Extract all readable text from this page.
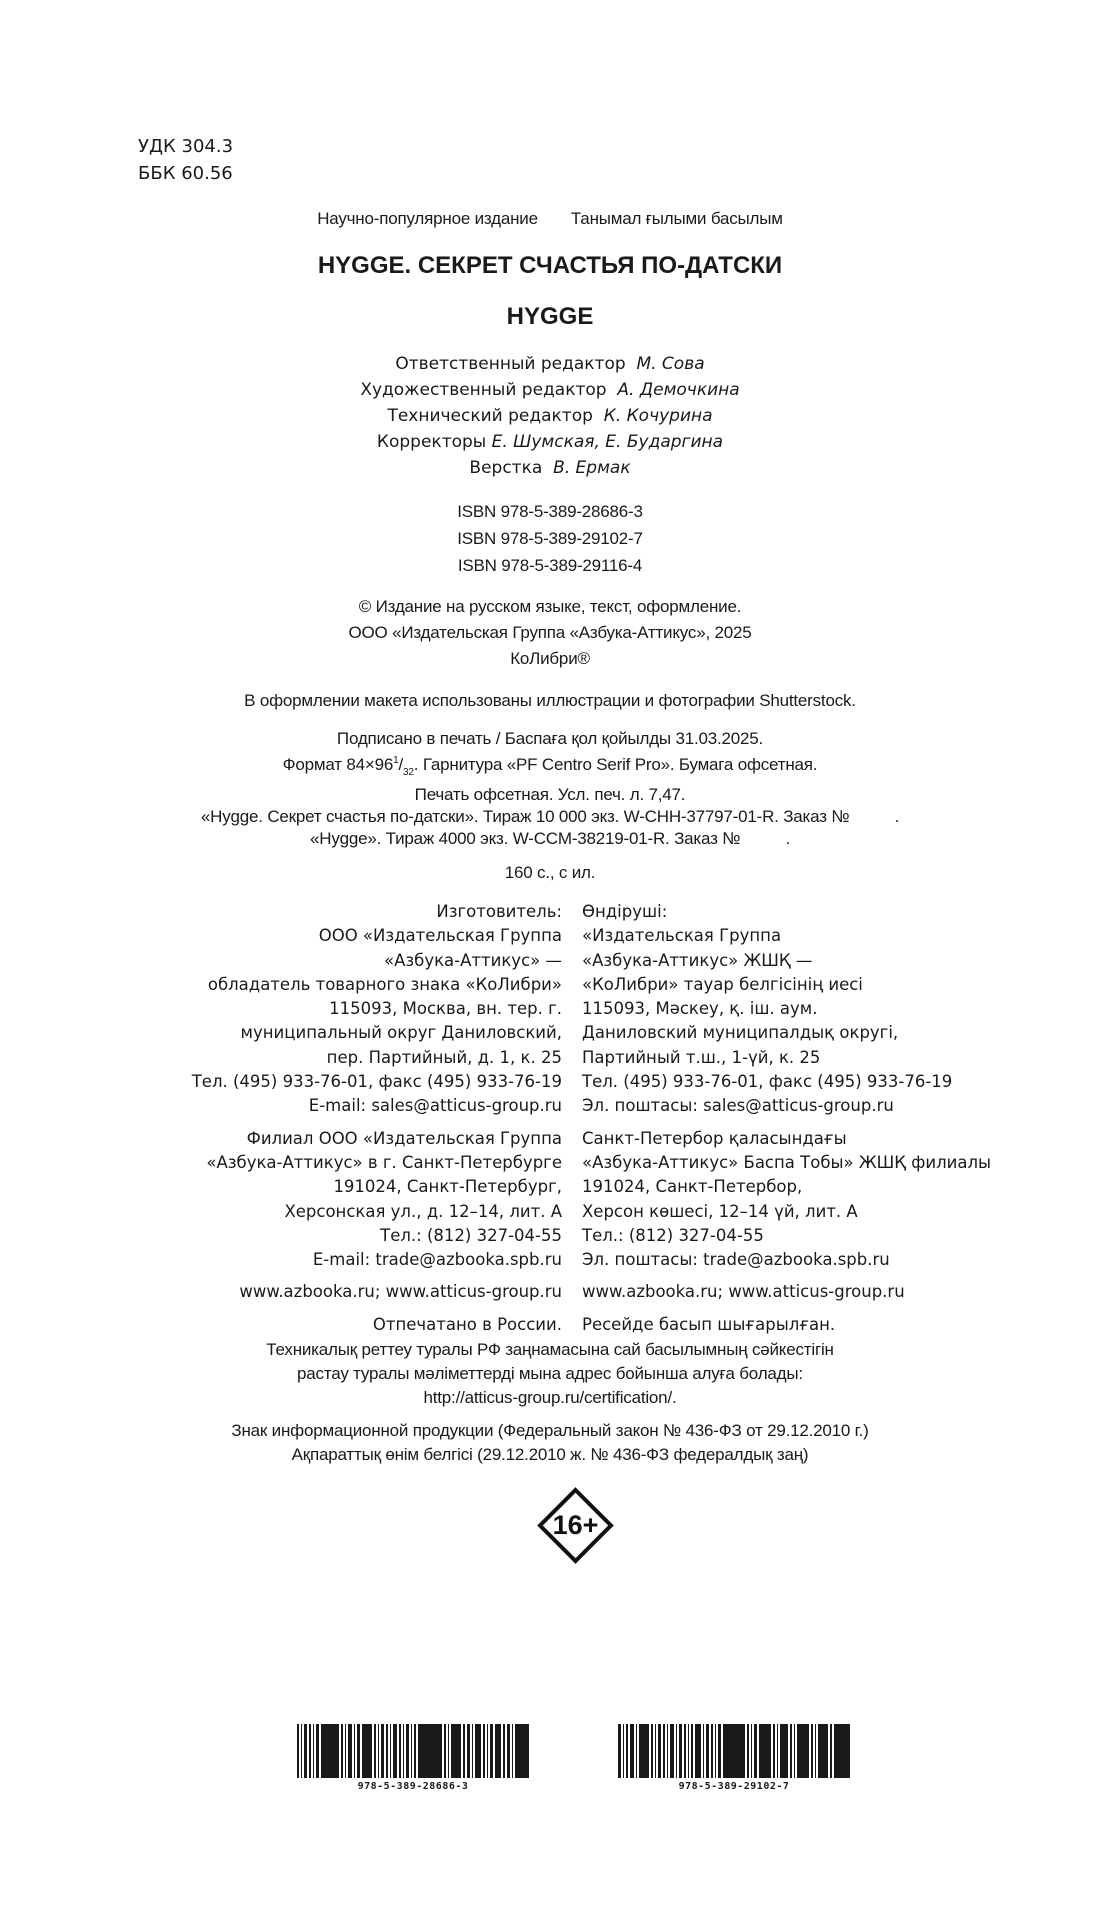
УДК 304.3
ББК 60.56
Научно-популярное издание Танымал ғылыми басылым
HYGGE. СЕКРЕТ СЧАСТЬЯ ПО-ДАТСКИ
HYGGE
Ответственный редактор М. Сова
Художественный редактор А. Демочкина
Технический редактор К. Кочурина
Корректоры Е. Шумская, Е. Бударгина
Верстка В. Ермак
ISBN 978-5-389-28686-3
ISBN 978-5-389-29102-7
ISBN 978-5-389-29116-4
© Издание на русском языке, текст, оформление.
ООО «Издательская Группа «Азбука-Аттикус», 2025
КоЛибри®
В оформлении макета использованы иллюстрации и фотографии Shutterstock.
Подписано в печать / Баспаға қол қойылды 31.03.2025.
Формат $84\times 96^1/_{32}$. Гарнитура «PF Centro Serif Pro». Бумага офсетная.
Печать офсетная. Усл. печ. л. 7,47.
«Hygge. Секрет счастья по-датски». Тираж 10 000 экз. W-CHH-37797-01-R. Заказ №          .
«Hygge». Тираж 4000 экз. W-CCM-38219-01-R. Заказ №          .
160 с., с ил.
Изготовитель:
ООО «Издательская Группа
«Азбука-Аттикус» —
обладатель товарного знака «КоЛибри»
115093, Москва, вн. тер. г.
муниципальный округ Даниловский,
пер. Партийный, д. 1, к. 25
Тел. (495) 933-76-01, факс (495) 933-76-19
E-mail: sales@atticus-group.ru
Филиал ООО «Издательская Группа
«Азбука-Аттикус» в г. Санкт-Петербурге
191024, Санкт-Петербург,
Херсонская ул., д. 12–14, лит. А
Тел.: (812) 327-04-55
E-mail: trade@azbooka.spb.ru
www.azbooka.ru; www.atticus-group.ru
Отпечатано в России.
Өндіруші:
«Издательская Группа
«Азбука-Аттикус» ЖШҚ —
«КоЛибри» тауар белгісінің иесі
115093, Мәскеу, қ. іш. аум.
Даниловский муниципалдық округі,
Партийный т.ш., 1-үй, к. 25
Тел. (495) 933-76-01, факс (495) 933-76-19
Эл. поштасы: sales@atticus-group.ru
Санкт-Петербор қаласындағы
«Азбука-Аттикус» Баспа Тобы» ЖШҚ филиалы
191024, Санкт-Петербор,
Херсон көшесі, 12–14 үй, лит. А
Тел.: (812) 327-04-55
Эл. поштасы: trade@azbooka.spb.ru
www.azbooka.ru; www.atticus-group.ru
Ресейде басып шығарылған.
Техникалық реттеу туралы РФ заңнамасына сай басылымның сәйкестігін
растау туралы мәліметтерді мына адрес бойынша алуға болады:
http://atticus-group.ru/certification/.
Знак информационной продукции (Федеральный закон № 436-ФЗ от 29.12.2010 г.)
Ақпараттық өнім белгісі (29.12.2010 ж. № 436-ФЗ федералдық заң)
16+
978-5-389-28686-3	978-5-389-29102-7
